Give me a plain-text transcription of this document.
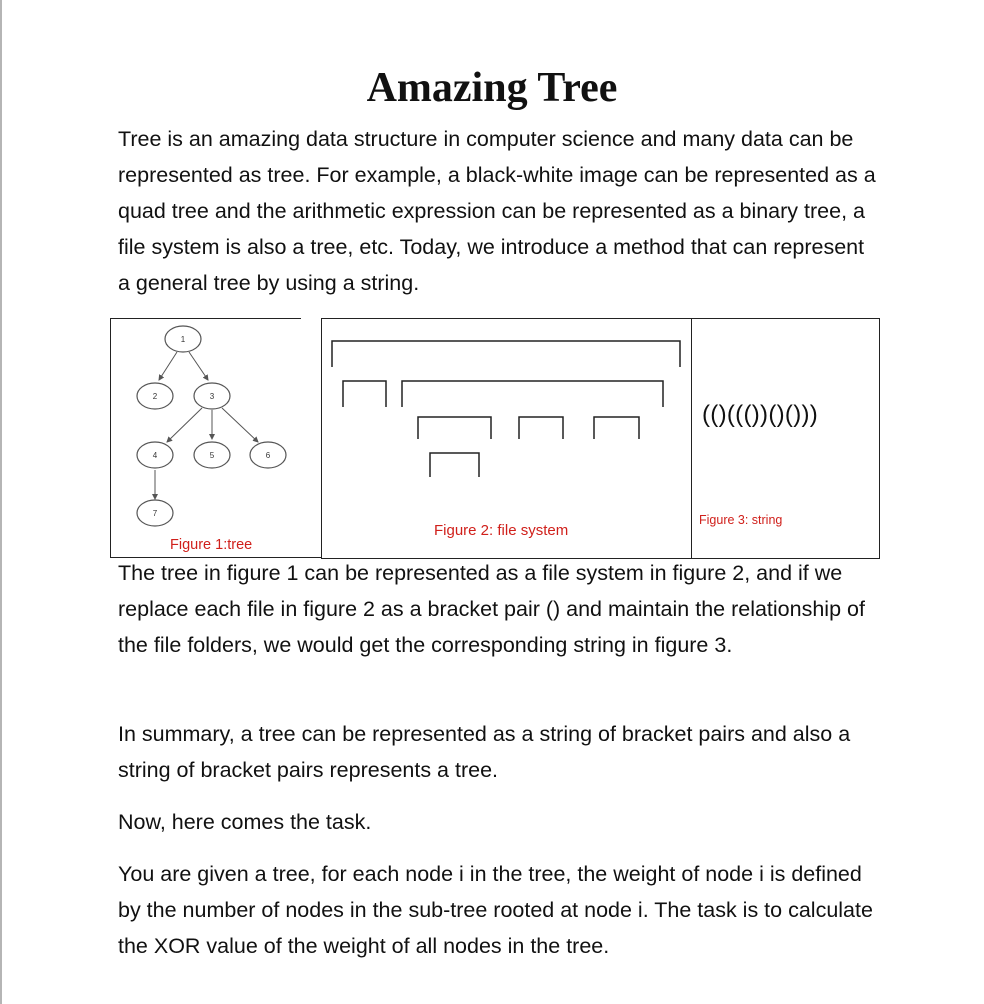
Amazing Tree

Tree is an amazing data structure in computer science and many data can be represented as tree. For example, a black-white image can be represented as a quad tree and the arithmetic expression can be represented as a binary tree, a file system is also a tree, etc. Today, we introduce a method that can represent a general tree by using a string.

1
2	3
4	5	6
7
Figure 1:tree
Figure 2: file system
(()((())()()))
Figure 3: string

The tree in figure 1 can be represented as a file system in figure 2, and if we replace each file in figure 2 as a bracket pair () and maintain the relationship of the file folders, we would get the corresponding string in figure 3.

In summary, a tree can be represented as a string of bracket pairs and also a string of bracket pairs represents a tree.

Now, here comes the task.

You are given a tree, for each node i in the tree, the weight of node i is defined by the number of nodes in the sub-tree rooted at node i. The task is to calculate the XOR value of the weight of all nodes in the tree.
